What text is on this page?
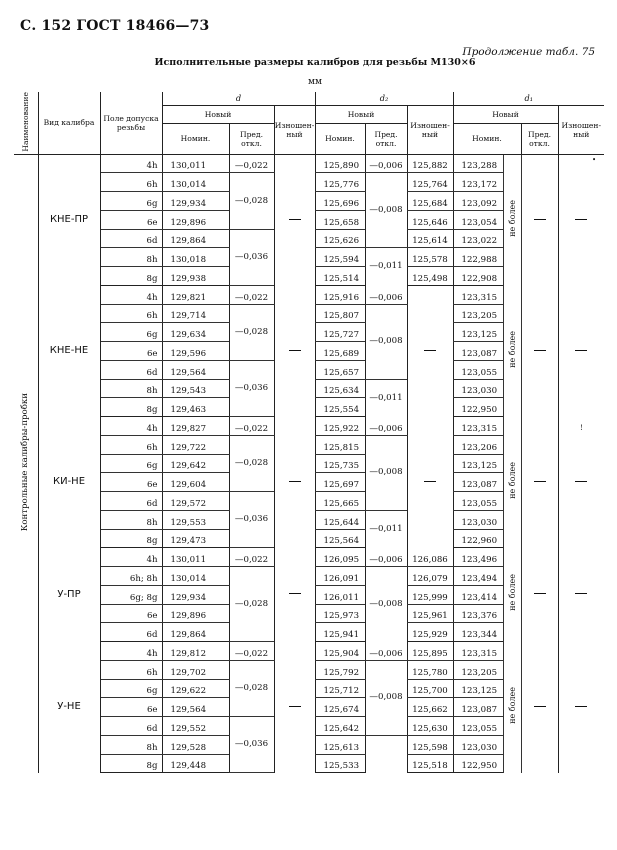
С. 152 ГОСТ 18466—73
Продолжение табл. 75
Исполнительные размеры калибров для резьбы М130×6
мм
•
!
Наименование	Вид калибра	Поле допуска резьбы	d			d₂			d₁			
			Новый		Изношен-ный	Новый		Изношен-ный	Новый			Изношен-ный
			Номин.	Пред. откл.		Номин.	Пред. откл.		Номин.		Пред. откл.	
Контрольные калибры-пробки	КНЕ-ПР	4h	130,011	—0,022		125,890	—0,006	125,882	123,288	не более		
		6h	130,014	—0,028		125,776	—0,008	125,764	123,172			
		6g	129,934			125,696		125,684	123,092			
		6e	129,896			125,658		125,646	123,054			
		6d	129,864	—0,036		125,626		125,614	123,022			
		8h	130,018			125,594	—0,011	125,578	122,988			
		8g	129,938			125,514		125,498	122,908			
	КНЕ-НЕ	4h	129,821	—0,022		125,916	—0,006		123,315	не более		
		6h	129,714	—0,028		125,807	—0,008		123,205			
		6g	129,634			125,727			123,125			
		6e	129,596			125,689			123,087			
		6d	129,564	—0,036		125,657			123,055			
		8h	129,543			125,634	—0,011		123,030			
		8g	129,463			125,554			122,950			
	КИ-НЕ	4h	129,827	—0,022		125,922	—0,006		123,315	не более		
		6h	129,722	—0,028		125,815	—0,008		123,206			
		6g	129,642			125,735			123,125			
		6e	129,604			125,697			123,087			
		6d	129,572	—0,036		125,665			123,055			
		8h	129,553			125,644	—0,011		123,030			
		8g	129,473			125,564			122,960			
	У-ПР	4h	130,011	—0,022		126,095	—0,006	126,086	123,496	не более		
		6h; 8h	130,014	—0,028		126,091	—0,008	126,079	123,494			
		6g; 8g	129,934			126,011		125,999	123,414			
		6e	129,896			125,973		125,961	123,376			
		6d	129,864			125,941		125,929	123,344			
	У-НЕ	4h	129,812	—0,022		125,904	—0,006	125,895	123,315	не более		
		6h	129,702	—0,028		125,792	—0,008	125,780	123,205			
		6g	129,622			125,712		125,700	123,125			
		6e	129,564			125,674		125,662	123,087			
		6d	129,552	—0,036		125,642		125,630	123,055			
		8h	129,528			125,613		125,598	123,030			
		8g	129,448			125,533		125,518	122,950			
